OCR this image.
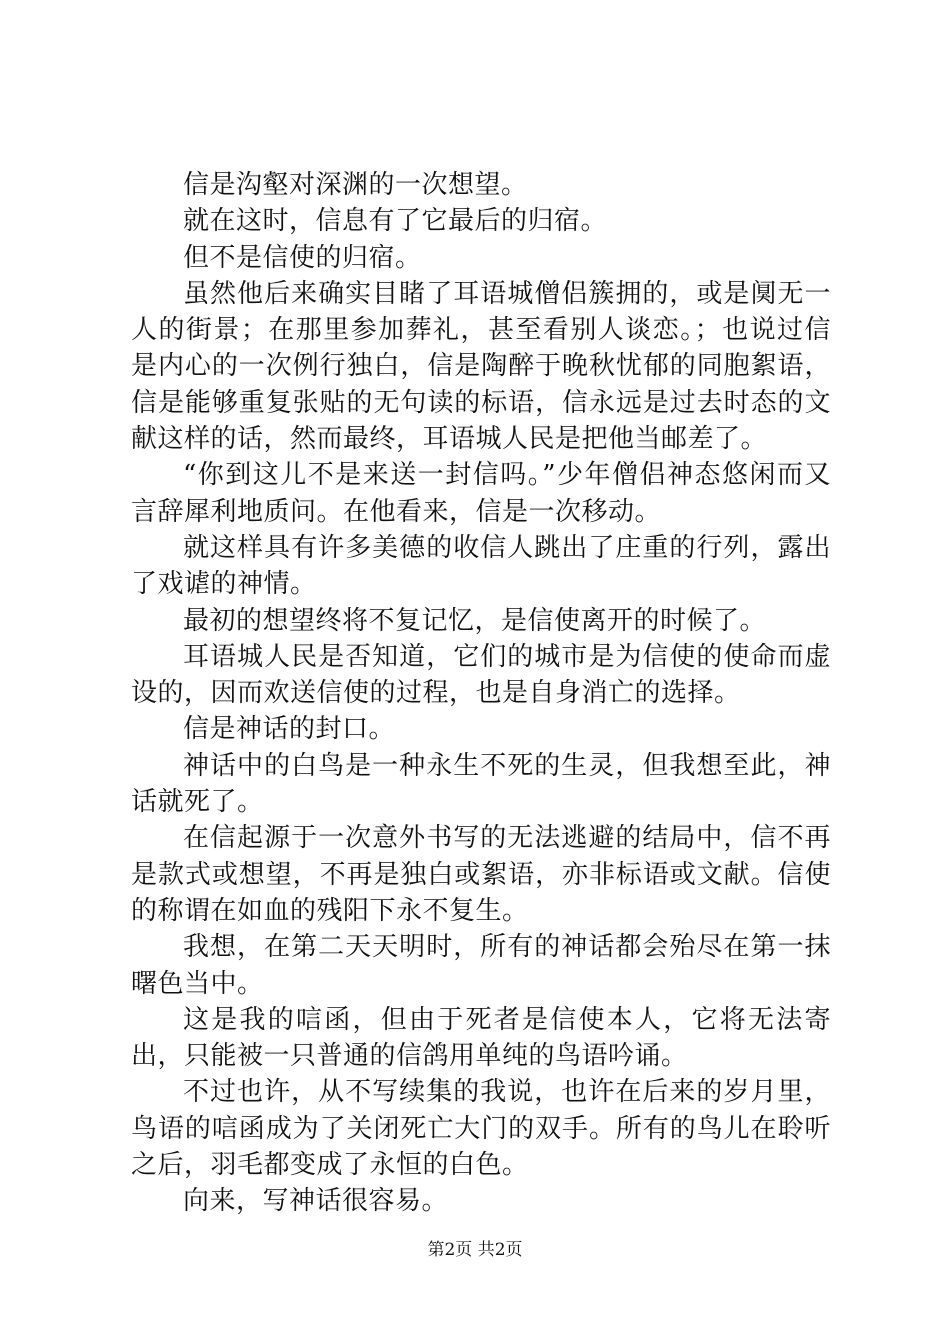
信是沟壑对深渊的一次想望。

就在这时，信息有了它最后的归宿。

但不是信使的归宿。

虽然他后来确实目睹了耳语城僧侣簇拥的，或是阒无一人的街景；在那里参加葬礼，甚至看别人谈恋。；也说过信是内心的一次例行独白，信是陶醉于晚秋忧郁的同胞絮语，信是能够重复张贴的无句读的标语，信永远是过去时态的文献这样的话，然而最终，耳语城人民是把他当邮差了。

“你到这儿不是来送一封信吗。”少年僧侣神态悠闲而又言辞犀利地质问。在他看来，信是一次移动。

就这样具有许多美德的收信人跳出了庄重的行列，露出了戏谑的神情。

最初的想望终将不复记忆，是信使离开的时候了。

耳语城人民是否知道，它们的城市是为信使的使命而虚设的，因而欢送信使的过程，也是自身消亡的选择。

信是神话的封口。

神话中的白鸟是一种永生不死的生灵，但我想至此，神话就死了。

在信起源于一次意外书写的无法逃避的结局中，信不再是款式或想望，不再是独白或絮语，亦非标语或文献。信使的称谓在如血的残阳下永不复生。

我想，在第二天天明时，所有的神话都会殆尽在第一抹曙色当中。

这是我的唁函，但由于死者是信使本人，它将无法寄出，只能被一只普通的信鸽用单纯的鸟语吟诵。

不过也许，从不写续集的我说，也许在后来的岁月里，鸟语的唁函成为了关闭死亡大门的双手。所有的鸟儿在聆听之后，羽毛都变成了永恒的白色。

向来，写神话很容易。

第2页 共2页
